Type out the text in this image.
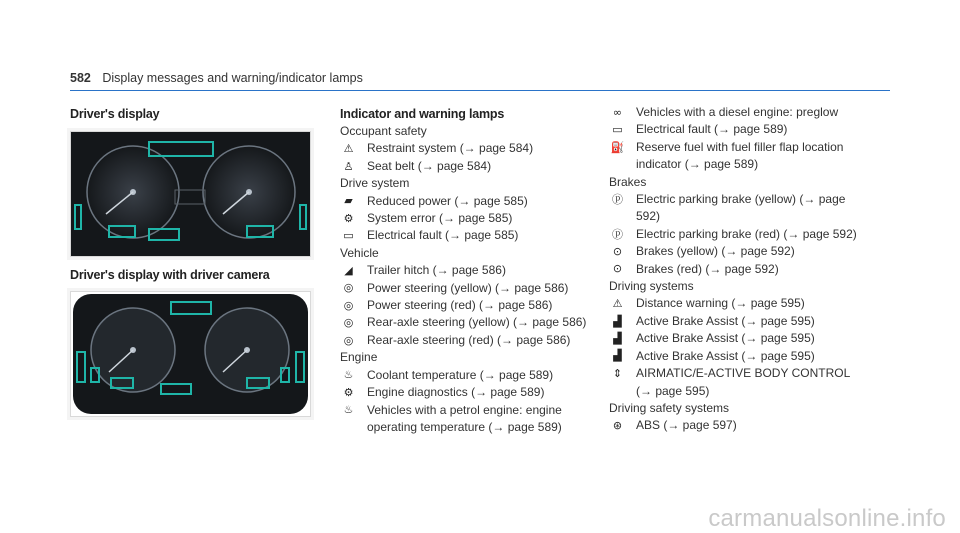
582 Display messages and warning/indicator lamps
Driver's display
Driver's display with driver camera
Indicator and warning lamps
Occupant safety
⚠ Restraint system (→ page 584)
♙ Seat belt (→ page 584)
Drive system
▰	Reduced power (→ page 585)
⚙ System error (→ page 585)
▭ Electrical fault (→ page 585)
Vehicle
◢	Trailer hitch (→ page 586)
◎	Power steering (yellow) (→ page 586)
◎	Power steering (red) (→ page 586)
◎	Rear-axle steering (yellow) (→ page 586)
◎	Rear-axle steering (red) (→ page 586)
Engine
♨ Coolant temperature (→ page 589)
⚙ Engine diagnostics (→ page 589)
♨ Vehicles with a petrol engine: engine operating temperature (→ page 589)
∞	Vehicles with a diesel engine: preglow
▭ Electrical fault (→ page 589)
⛽ Reserve fuel with fuel filler flap location indicator (→ page 589)
Brakes
ⓟ Electric parking brake (yellow) (→ page 592)
ⓟ Electric parking brake (red) (→ page 592)
⊙	Brakes (yellow) (→ page 592)
⊙	Brakes (red) (→ page 592)
Driving systems
⚠ Distance warning (→ page 595)
▟	Active Brake Assist (→ page 595)
▟	Active Brake Assist (→ page 595)
▟	Active Brake Assist (→ page 595)
⇕	AIRMATIC/E-ACTIVE BODY CONTROL (→ page 595)
Driving safety systems
⊛	ABS (→ page 597)
carmanualsonline.info
